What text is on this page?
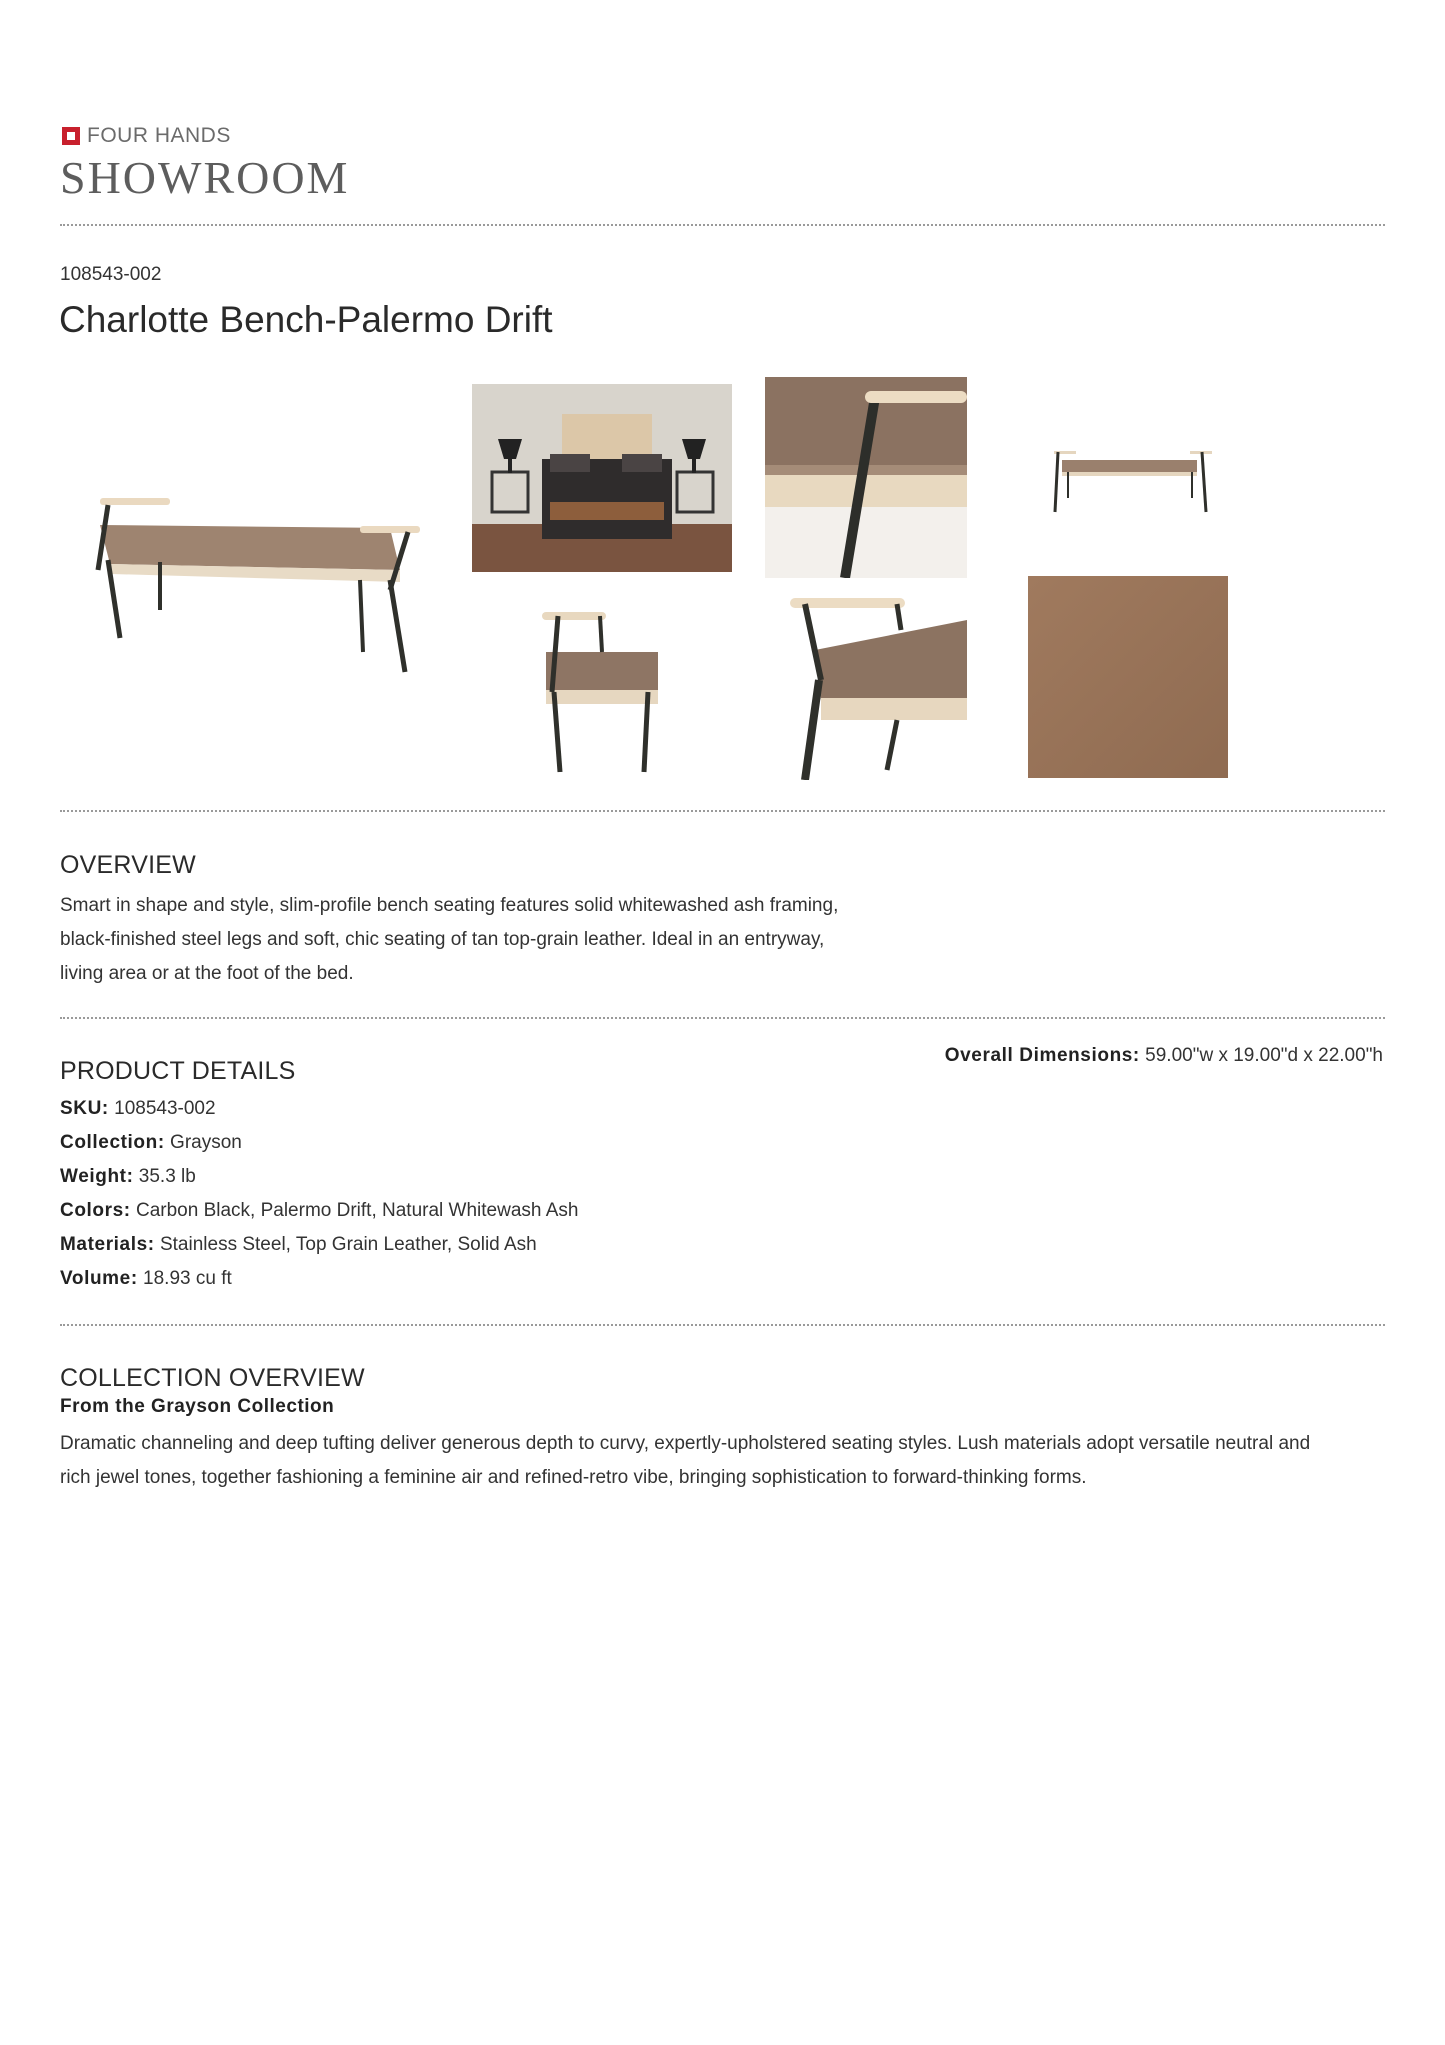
FOUR HANDS
SHOWROOM
108543-002
Charlotte Bench-Palermo Drift
OVERVIEW
Smart in shape and style, slim-profile bench seating features solid whitewashed ash framing,
black-finished steel legs and soft, chic seating of tan top-grain leather. Ideal in an entryway,
living area or at the foot of the bed.
PRODUCT DETAILS
SKU: 108543-002
Collection: Grayson
Weight: 35.3 lb
Colors: Carbon Black, Palermo Drift, Natural Whitewash Ash
Materials: Stainless Steel, Top Grain Leather, Solid Ash
Volume: 18.93 cu ft
Overall Dimensions: 59.00"w x 19.00"d x 22.00"h
COLLECTION OVERVIEW
From the Grayson Collection
Dramatic channeling and deep tufting deliver generous depth to curvy, expertly-upholstered seating styles. Lush materials adopt versatile neutral and
rich jewel tones, together fashioning a feminine air and refined-retro vibe, bringing sophistication to forward-thinking forms.
